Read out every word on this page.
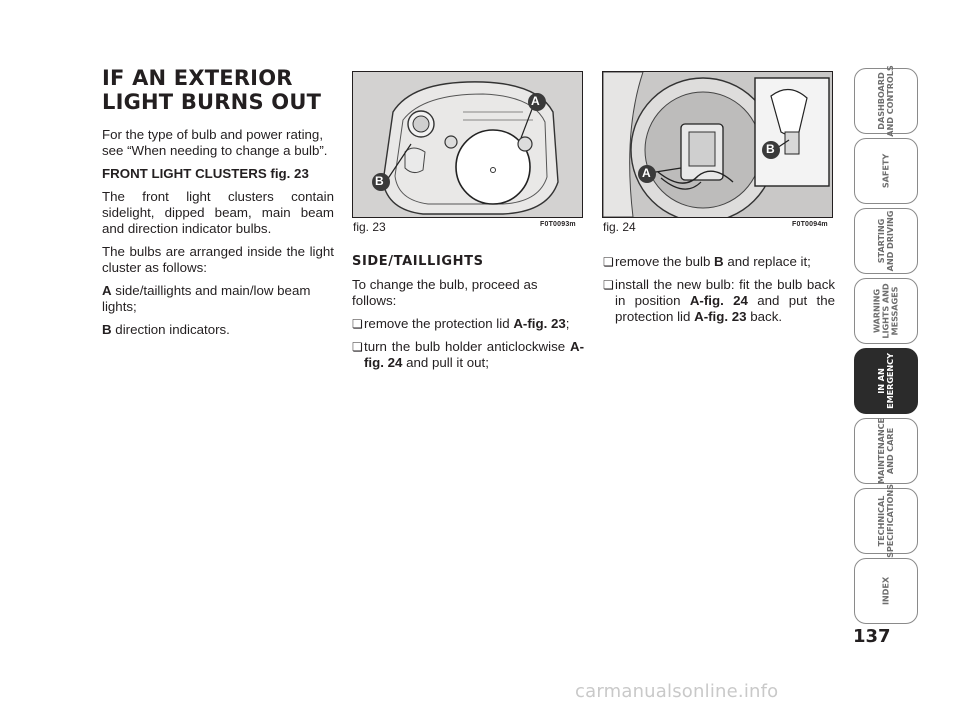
IF AN EXTERIOR
LIGHT BURNS OUT

For the type of bulb and power rating, see “When needing to change a bulb”.

FRONT LIGHT CLUSTERS fig. 23

The front light clusters contain sidelight, dipped beam, main beam and direction indicator bulbs.

The bulbs are arranged inside the light cluster as follows:

A side/taillights and main/low beam lights;

B direction indicators.

A
B
fig. 23	F0T0093m
B
A
fig. 24	F0T0094m
SIDE/TAILLIGHTS

To change the bulb, proceed as follows:

❏ remove the protection lid A-fig. 23;
❏ turn the bulb holder anticlockwise A-fig. 24 and pull it out;
❏ remove the bulb B and replace it;
❏ install the new bulb: fit the bulb back in position A-fig. 24 and put the protection lid A-fig. 23 back.
DASHBOARD
AND CONTROLS
SAFETY
STARTING
AND DRIVING
WARNING
LIGHTS AND
MESSAGES
IN AN
EMERGENCY
MAINTENANCE
AND CARE
TECHNICAL
SPECIFICATIONS
INDEX
137
carmanualsonline.info
